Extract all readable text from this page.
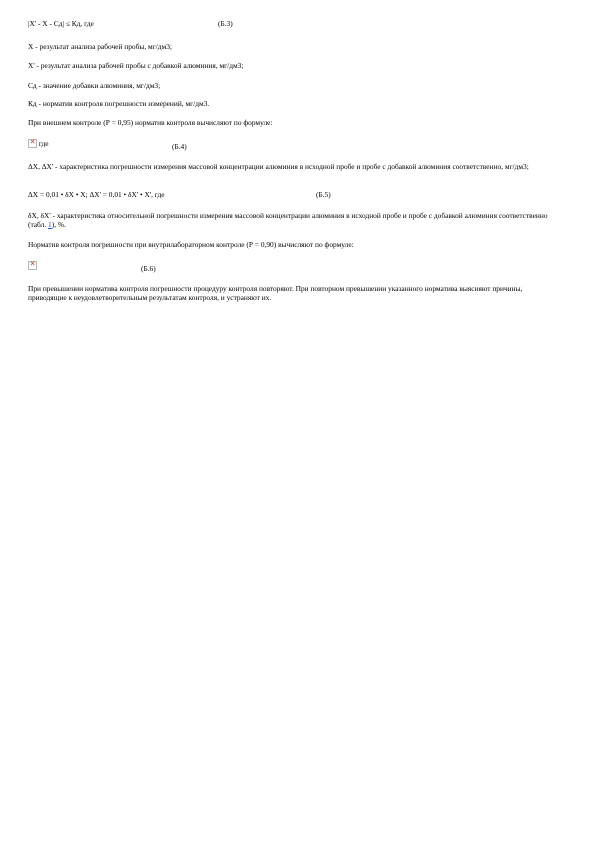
|Х' - Х - Сд| ≤ Кд, где	(Б.3)
Х - результат анализа рабочей пробы, мг/дм3;
Х' - результат анализа рабочей пробы с добавкой алюминия, мг/дм3;
Сд - значение добавки алюминия, мг/дм3;
Кд - норматив контроля погрешности измерений, мг/дм3.
При внешнем контроле (Р = 0,95) норматив контроля вычисляют по формуле:
✕ где	(Б.4)
ΔХ, ΔХ' - характеристика погрешности измерения массовой концентрации алюминия в исходной пробе и пробе с добавкой алюминия соответственно, мг/дм3;
ΔХ = 0,01 • δХ • Х; ΔХ' = 0,01 • δХ' • Х', где	(Б.5)
δХ, δХ' - характеристика относительной погрешности измерения массовой концентрации алюминия в исходной пробе и пробе с добавкой алюминия соответственно (табл. 1), %.
Норматив контроля погрешности при внутрилабораторном контроле (Р = 0,90) вычисляют по формуле:
✕
(Б.6)
При превышении норматива контроля погрешности процедуру контроля повторяют. При повторном превышении указанного норматива выясняют причины, приводящие к неудовлетворительным результатам контроля, и устраняют их.
